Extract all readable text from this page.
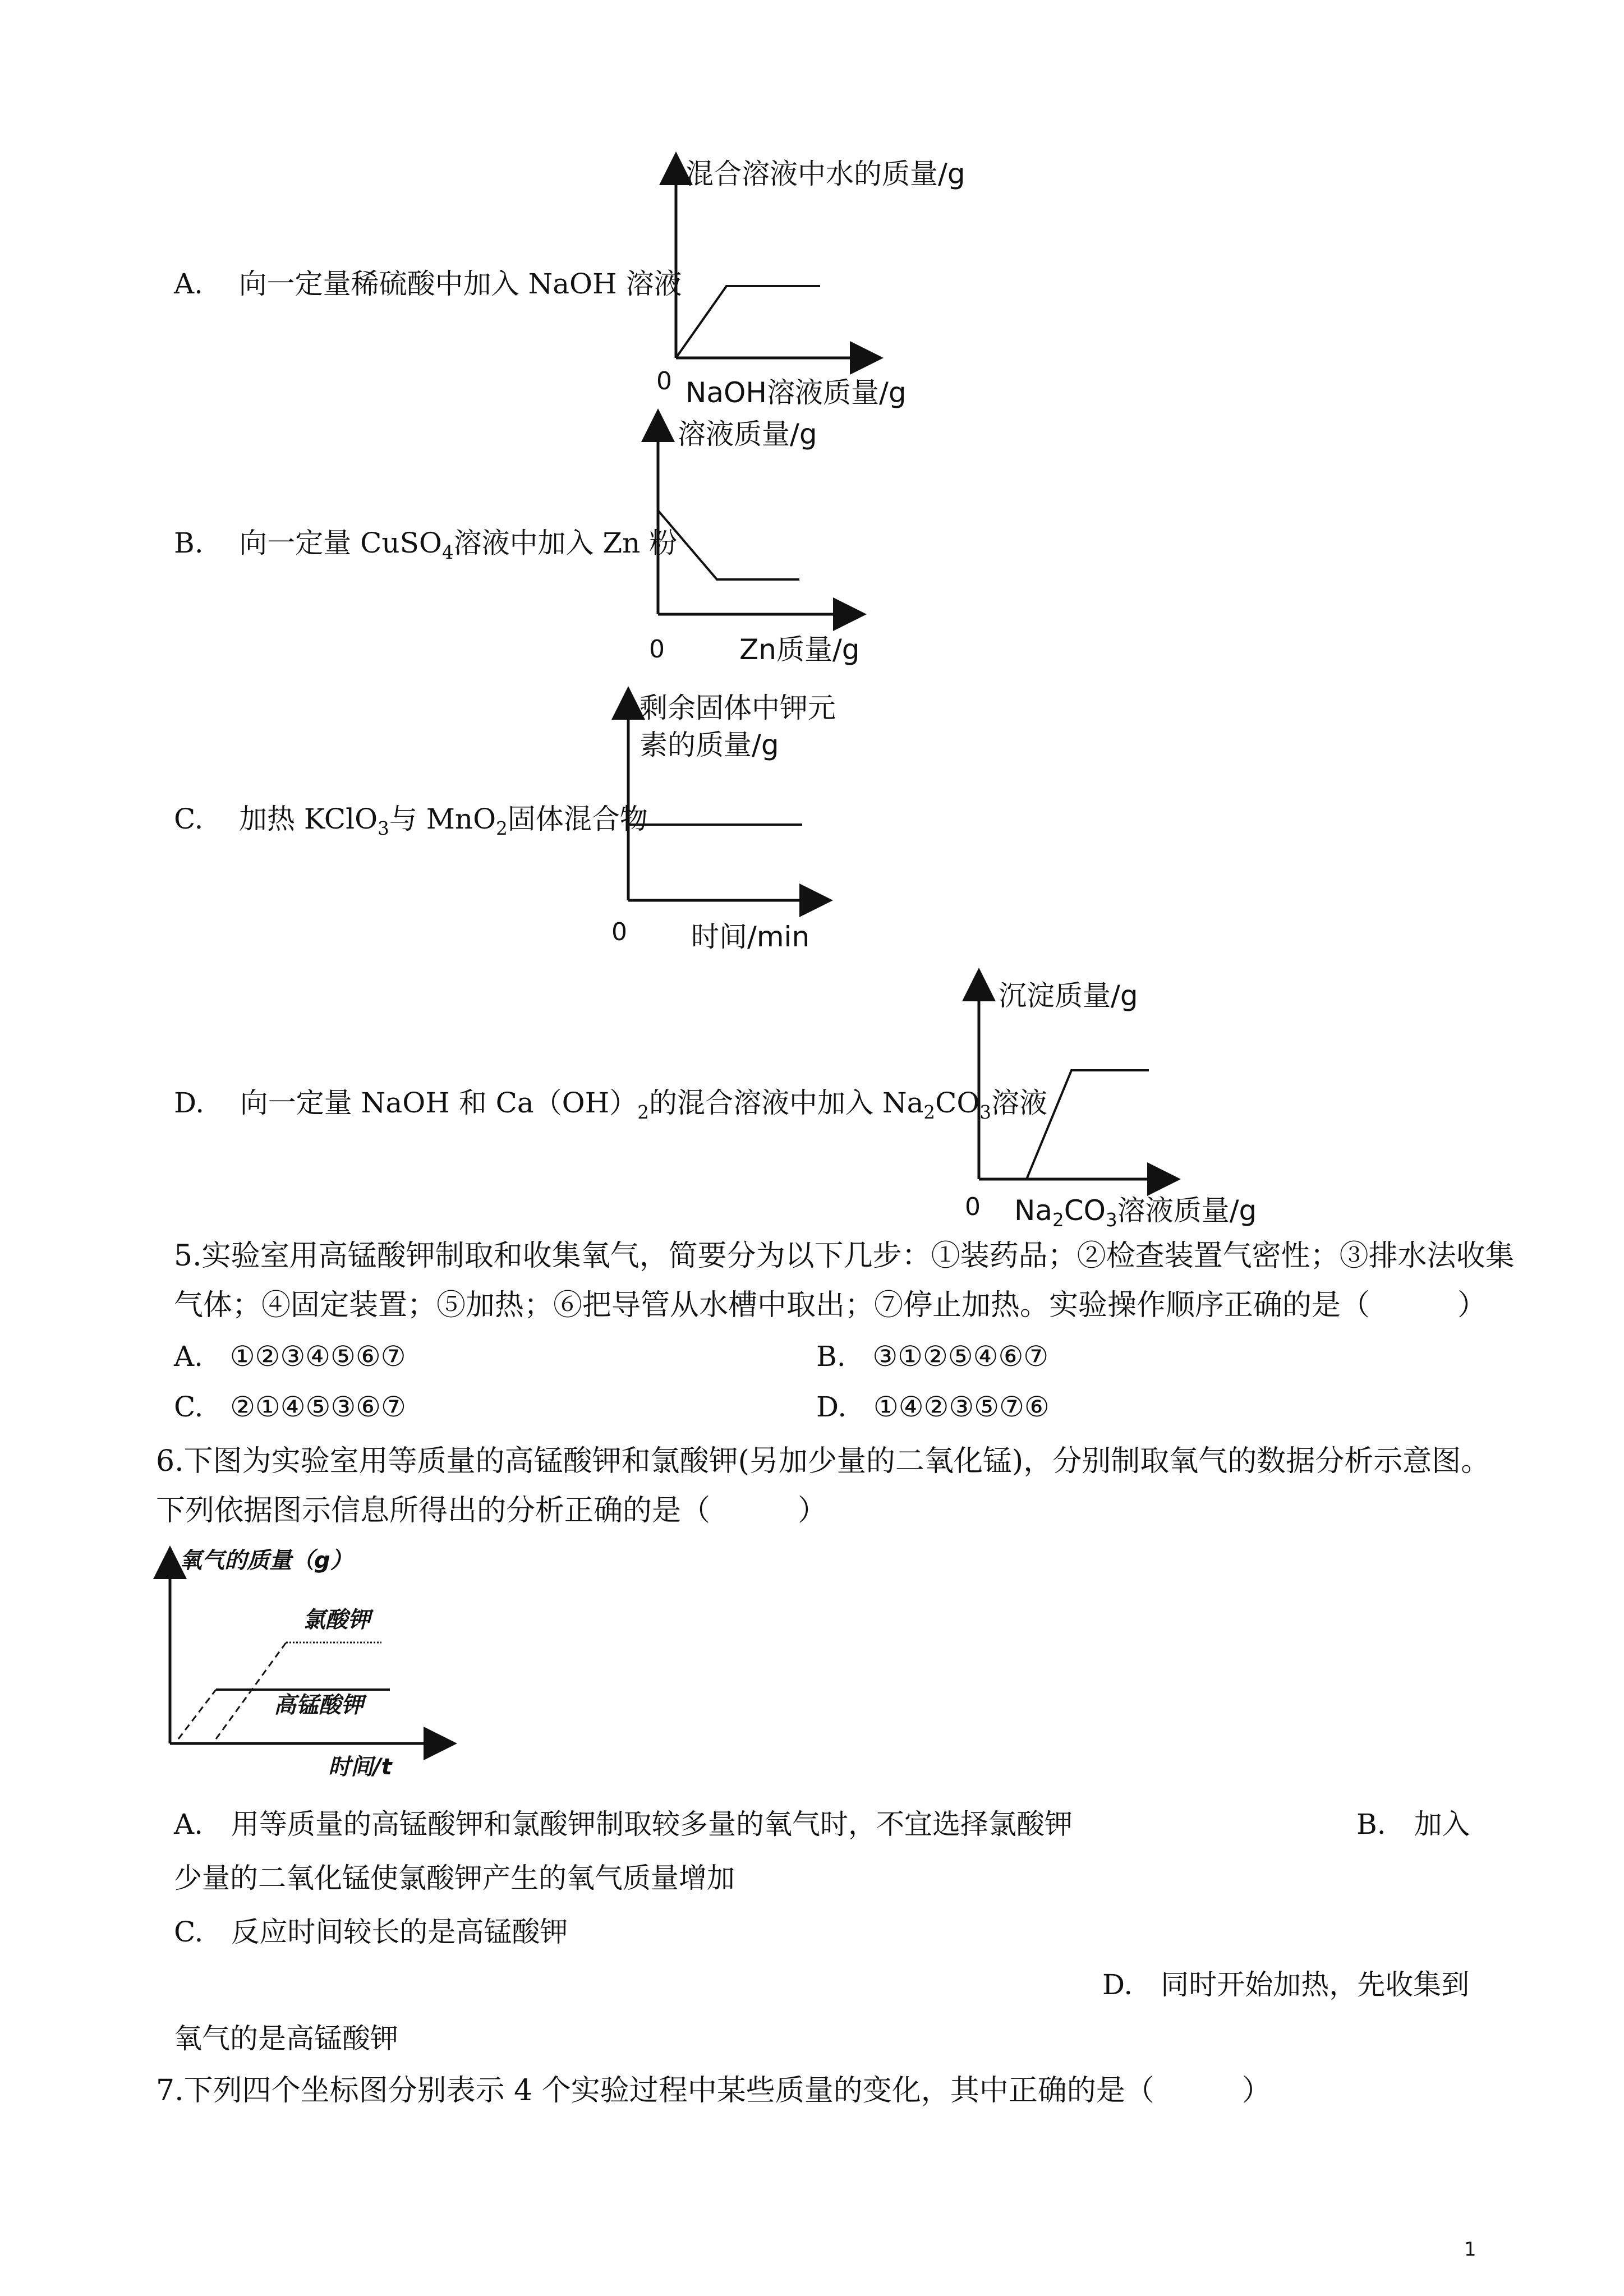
A. 向一定量稀硫酸中加入 NaOH 溶液
B. 向一定量 CuSO$_4$溶液中加入 Zn 粉
C. 加热 KClO$_3$与 MnO$_2$固体混合物
D. 向一定量 NaOH 和 $Ca(OH)_2$的混合溶液中加入 $Na_2CO_3$溶液
混合溶液中水的质量/g
0 NaOH溶液质量/g
溶液质量/g
0	Zn质量/g
剩余固体中钾元
素的质量/g
0 时间/min
沉淀质量/g
0 $Na_2CO_3$溶液质量/g
5.实验室用高锰酸钾制取和收集氧气，简要分为以下几步：①装药品；②检查装置气密性；③排水法收集
气体；④固定装置；⑤加热；⑥把导管从水槽中取出；⑦停止加热。实验操作顺序正确的是（　　　）
A. ①②③④⑤⑥⑦	B. ③①②⑤④⑥⑦
C. ②①④⑤③⑥⑦	D. ①④②③⑤⑦⑥
6.下图为实验室用等质量的高锰酸钾和氯酸钾(另加少量的二氧化锰)，分别制取氧气的数据分析示意图。
下列依据图示信息所得出的分析正确的是（　　　）
氧气的质量（g）
氯酸钾
高锰酸钾
时间/t
A.　用等质量的高锰酸钾和氯酸钾制取较多量的氧气时，不宜选择氯酸钾	B.　加入
少量的二氧化锰使氯酸钾产生的氧气质量增加
C.　反应时间较长的是高锰酸钾
D.　同时开始加热，先收集到
氧气的是高锰酸钾
7.下列四个坐标图分别表示 4 个实验过程中某些质量的变化，其中正确的是（　　　）
1
